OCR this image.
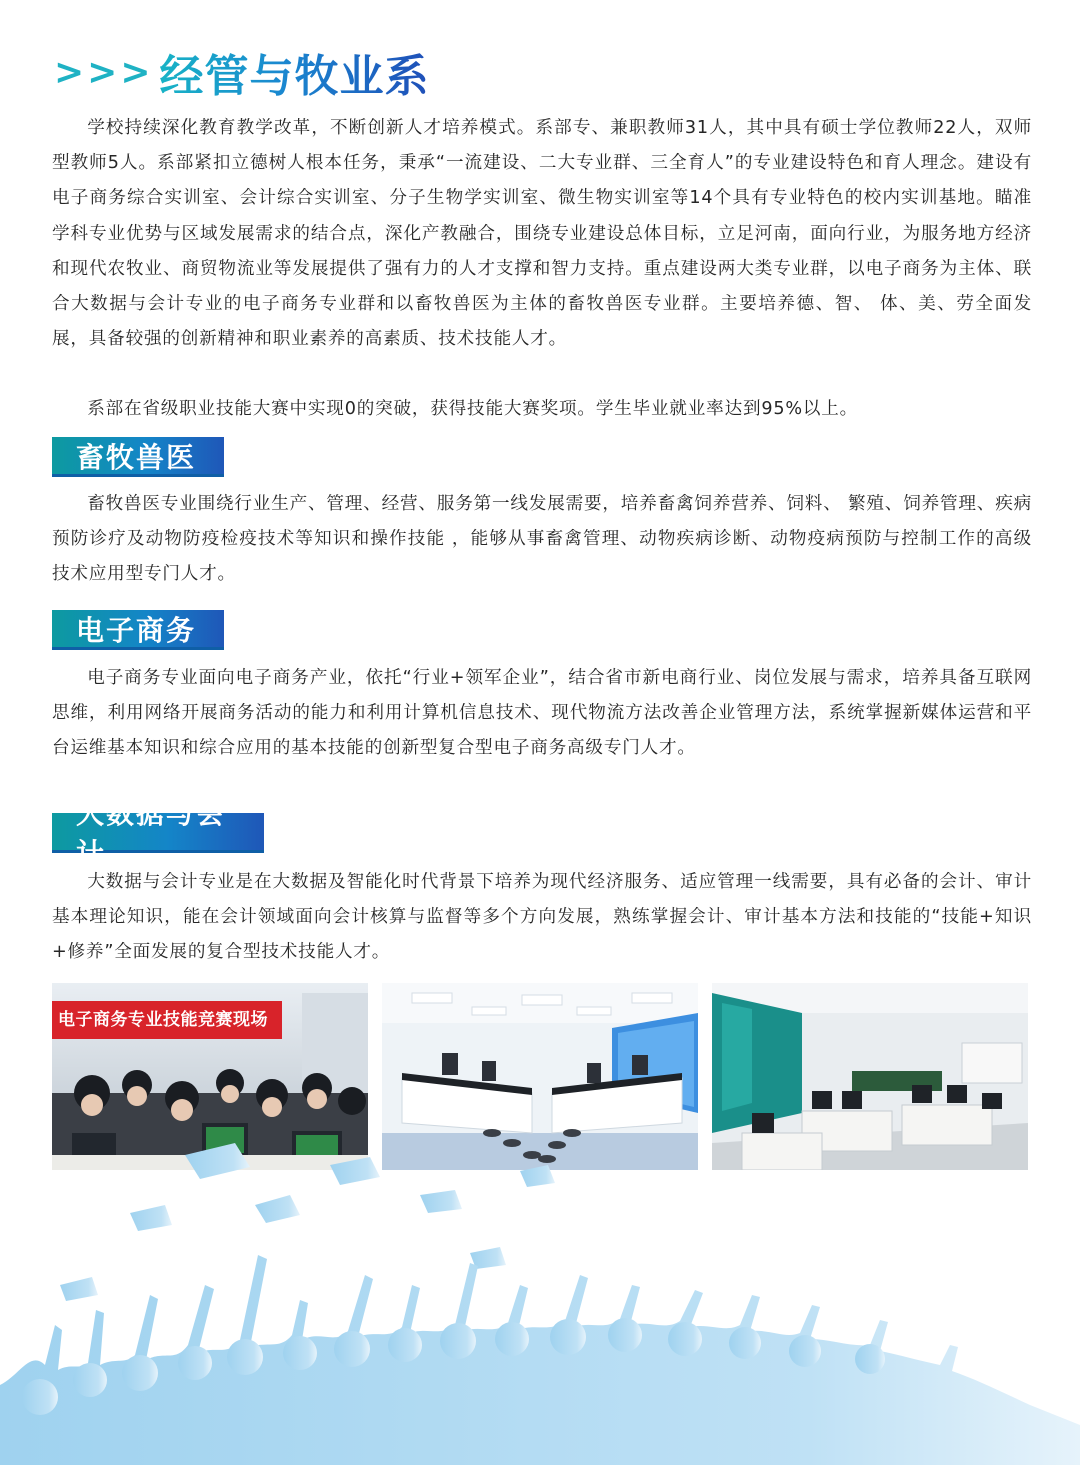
>>> 经管与牧业系

学校持续深化教育教学改革，不断创新人才培养模式。系部专、兼职教师31人，其中具有硕士学位教师22人，双师型教师5人。系部紧扣立德树人根本任务，秉承“一流建设、二大专业群、三全育人”的专业建设特色和育人理念。建设有电子商务综合实训室、会计综合实训室、分子生物学实训室、微生物实训室等14个具有专业特色的校内实训基地。瞄准学科专业优势与区域发展需求的结合点，深化产教融合，围绕专业建设总体目标，立足河南，面向行业，为服务地方经济和现代农牧业、商贸物流业等发展提供了强有力的人才支撑和智力支持。重点建设两大类专业群，以电子商务为主体、联合大数据与会计专业的电子商务专业群和以畜牧兽医为主体的畜牧兽医专业群。主要培养德、智、 体、美、劳全面发展，具备较强的创新精神和职业素养的高素质、技术技能人才。

系部在省级职业技能大赛中实现0的突破，获得技能大赛奖项。学生毕业就业率达到95%以上。

畜牧兽医

畜牧兽医专业围绕行业生产、管理、经营、服务第一线发展需要，培养畜禽饲养营养、饲料、 繁殖、饲养管理、疾病预防诊疗及动物防疫检疫技术等知识和操作技能 ，能够从事畜禽管理、动物疾病诊断、动物疫病预防与控制工作的高级技术应用型专门人才。

电子商务

电子商务专业面向电子商务产业，依托“行业+领军企业”，结合省市新电商行业、岗位发展与需求，培养具备互联网思维，利用网络开展商务活动的能力和利用计算机信息技术、现代物流方法改善企业管理方法，系统掌握新媒体运营和平台运维基本知识和综合应用的基本技能的创新型复合型电子商务高级专门人才。

大数据与会计

大数据与会计专业是在大数据及智能化时代背景下培养为现代经济服务、适应管理一线需要，具有必备的会计、审计基本理论知识，能在会计领域面向会计核算与监督等多个方向发展，熟练掌握会计、审计基本方法和技能的“技能+知识+修养”全面发展的复合型技术技能人才。

电子商务专业技能竞赛现场
